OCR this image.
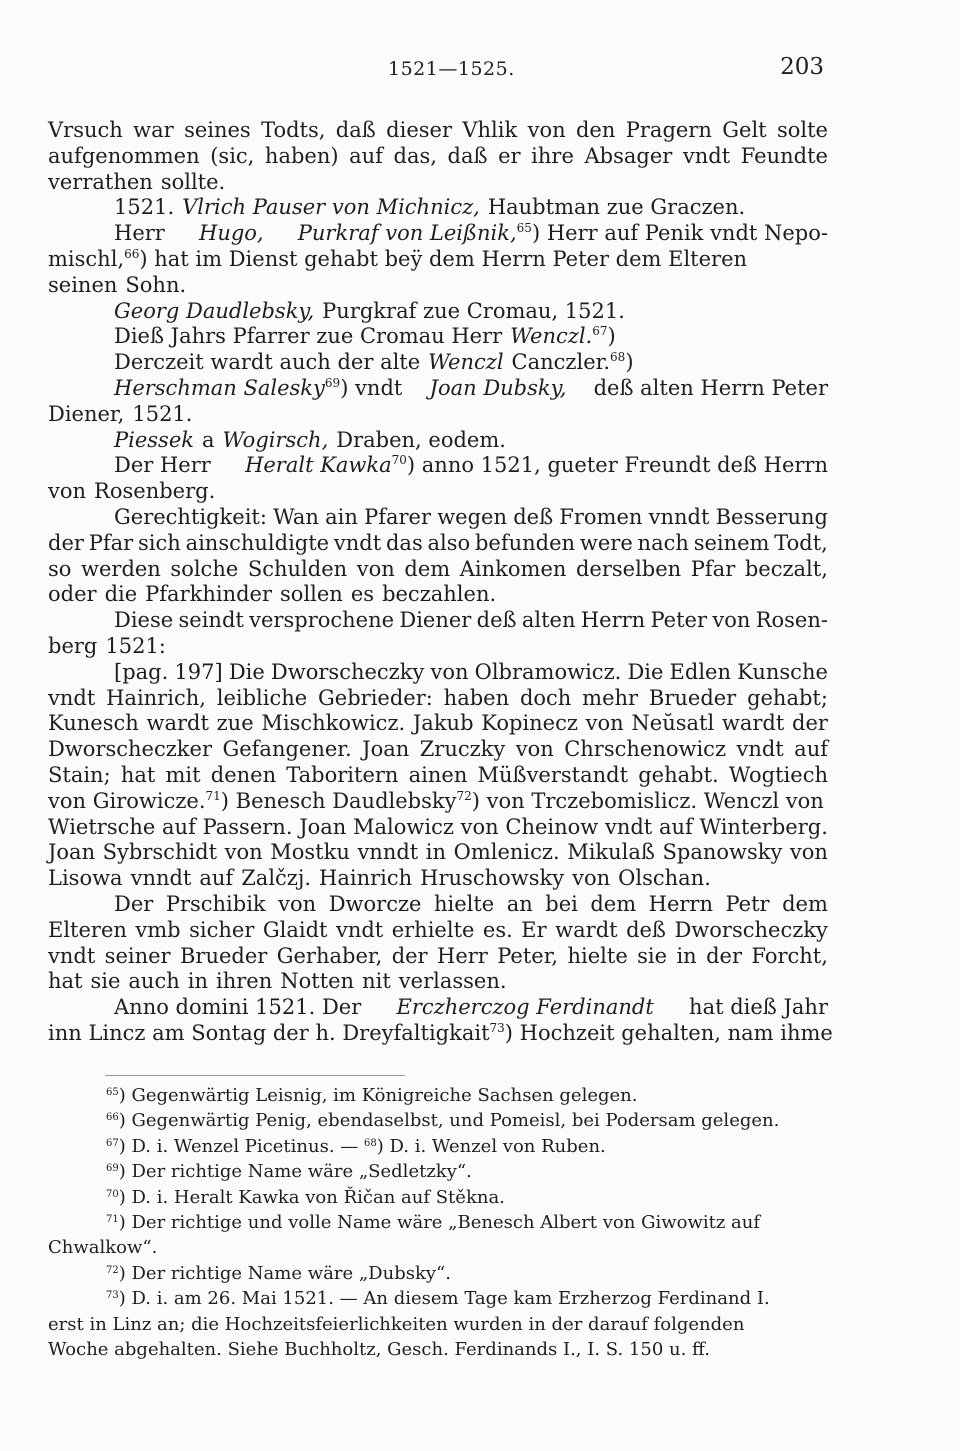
1521—1525.	203
Vrsuch war seines Todts, daß dieser Vhlik von den Pragern Gelt solte
aufgenommen (sic, haben) auf das, daß er ihre Absager vndt Feundte
verrathen sollte.
1521. Vlrich Pauser von Michnicz, Haubtman zue Graczen.
Herr Hugo, Purkraf von Leißnik,$^{65}$) Herr auf Penik vndt Nepo-
mischl,$^{66}$) hat im Dienst gehabt beÿ dem Herrn Peter dem Elteren
seinen Sohn.
Georg Daudlebsky, Purgkraf zue Cromau, 1521.
Dieß Jahrs Pfarrer zue Cromau Herr Wenczl.$^{67}$)
Derczeit wardt auch der alte Wenczl Canczler.$^{68}$)
Herschman Salesky$^{69}$) vndt Joan Dubsky, deß alten Herrn Peter
Diener, 1521.
Piessek a Wogirsch, Draben, eodem.
Der Herr Heralt Kawka$^{70}$) anno 1521, gueter Freundt deß Herrn
von Rosenberg.
Gerechtigkeit: Wan ain Pfarer wegen deß Fromen vnndt Besserung
der Pfar sich ainschuldigte vndt das also befunden were nach seinem Todt,
so werden solche Schulden von dem Ainkomen derselben Pfar beczalt,
oder die Pfarkhinder sollen es beczahlen.
Diese seindt versprochene Diener deß alten Herrn Peter von Rosen-
berg 1521:
[pag. 197] Die Dworscheczky von Olbramowicz. Die Edlen Kunsche
vndt Hainrich, leibliche Gebrieder: haben doch mehr Brueder gehabt;
Kunesch wardt zue Mischkowicz. Jakub Kopinecz von Neŭsatl wardt der
Dworscheczker Gefangener. Joan Zruczky von Chrschenowicz vndt auf
Stain; hat mit denen Taboritern ainen Müßverstandt gehabt. Wogtiech
von Girowicze.$^{71}$) Benesch Daudlebsky$^{72}$) von Trczebomislicz. Wenczl von
Wietrsche auf Passern. Joan Malowicz von Cheinow vndt auf Winterberg.
Joan Sybrschidt von Mostku vnndt in Omlenicz. Mikulaß Spanowsky von
Lisowa vnndt auf Zalčzj. Hainrich Hruschowsky von Olschan.
Der Prschibik von Dworcze hielte an bei dem Herrn Petr dem
Elteren vmb sicher Glaidt vndt erhielte es. Er wardt deß Dworscheczky
vndt seiner Brueder Gerhaber, der Herr Peter, hielte sie in der Forcht,
hat sie auch in ihren Notten nit verlassen.
Anno domini 1521. Der Erczherczog Ferdinandt hat dieß Jahr
inn Lincz am Sontag der h. Dreyfaltigkait$^{73}$) Hochzeit gehalten, nam ihme
$^{65}$) Gegenwärtig Leisnig, im Königreiche Sachsen gelegen.
$^{66}$) Gegenwärtig Penig, ebendaselbst, und Pomeisl, bei Podersam gelegen.
$^{67}$) D. i. Wenzel Picetinus. — $^{68}$) D. i. Wenzel von Ruben.
$^{69}$) Der richtige Name wäre „Sedletzky“.
$^{70}$) D. i. Heralt Kawka von Řičan auf Stěkna.
$^{71}$) Der richtige und volle Name wäre „Benesch Albert von Giwowitz auf
Chwalkow“.
$^{72}$) Der richtige Name wäre „Dubsky“.
$^{73}$) D. i. am 26. Mai 1521. — An diesem Tage kam Erzherzog Ferdinand I.
erst in Linz an; die Hochzeitsfeierlichkeiten wurden in der darauf folgenden
Woche abgehalten. Siehe Buchholtz, Gesch. Ferdinands I., I. S. 150 u. ff.
